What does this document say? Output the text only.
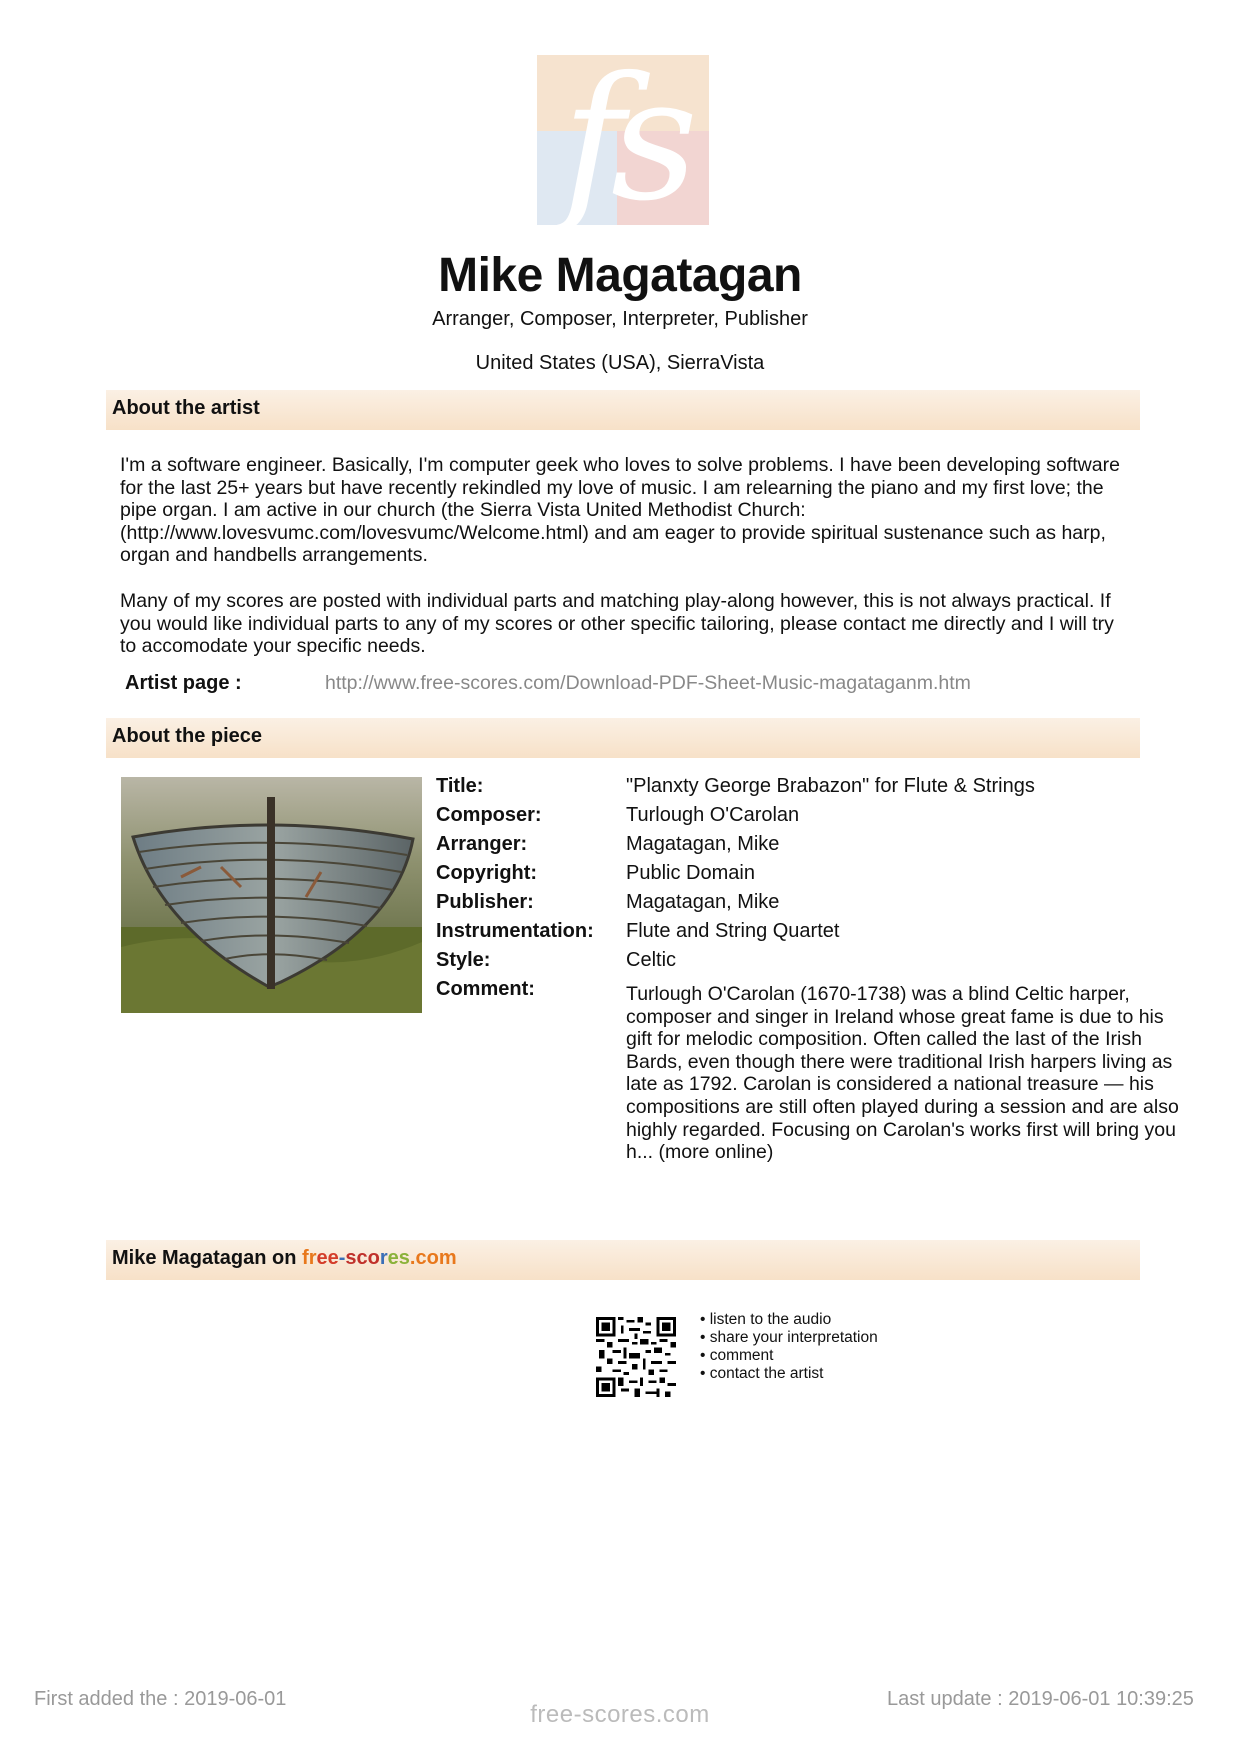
fs
Mike Magatagan
Arranger, Composer, Interpreter, Publisher
United States (USA), SierraVista
About the artist

I'm a software engineer. Basically, I'm computer geek who loves to solve problems. I have been developing software for the last 25+ years but have recently rekindled my love of music. I am relearning the piano and my first love; the pipe organ. I am active in our church (the Sierra Vista United Methodist Church: (http://www.lovesvumc.com/lovesvumc/Welcome.html) and am eager to provide spiritual sustenance such as harp, organ and handbells arrangements.

Many of my scores are posted with individual parts and matching play-along however, this is not always practical. If you would like individual parts to any of my scores or other specific tailoring, please contact me directly and I will try to accomodate your specific needs.

Artist page :	http://www.free-scores.com/Download-PDF-Sheet-Music-magataganm.htm
About the piece
Title:	"Planxty George Brabazon" for Flute & Strings
Composer:	Turlough O'Carolan
Arranger:	Magatagan, Mike
Copyright:	Public Domain
Publisher:	Magatagan, Mike
Instrumentation: Flute and String Quartet
Style:	Celtic
Comment:	Turlough O'Carolan (1670-1738) was a blind Celtic harper, composer and singer in Ireland whose great fame is due to his gift for melodic composition. Often called the last of the Irish Bards, even though there were traditional Irish harpers living as late as 1792. Carolan is considered a national treasure — his compositions are still often played during a session and are also highly regarded. Focusing on Carolan's works first will bring you h... (more online)

Mike Magatagan on free-scores.com
• listen to the audio
• share your interpretation
• comment
• contact the artist
First added the : 2019-06-01
free-scores.com
Last update : 2019-06-01 10:39:25
